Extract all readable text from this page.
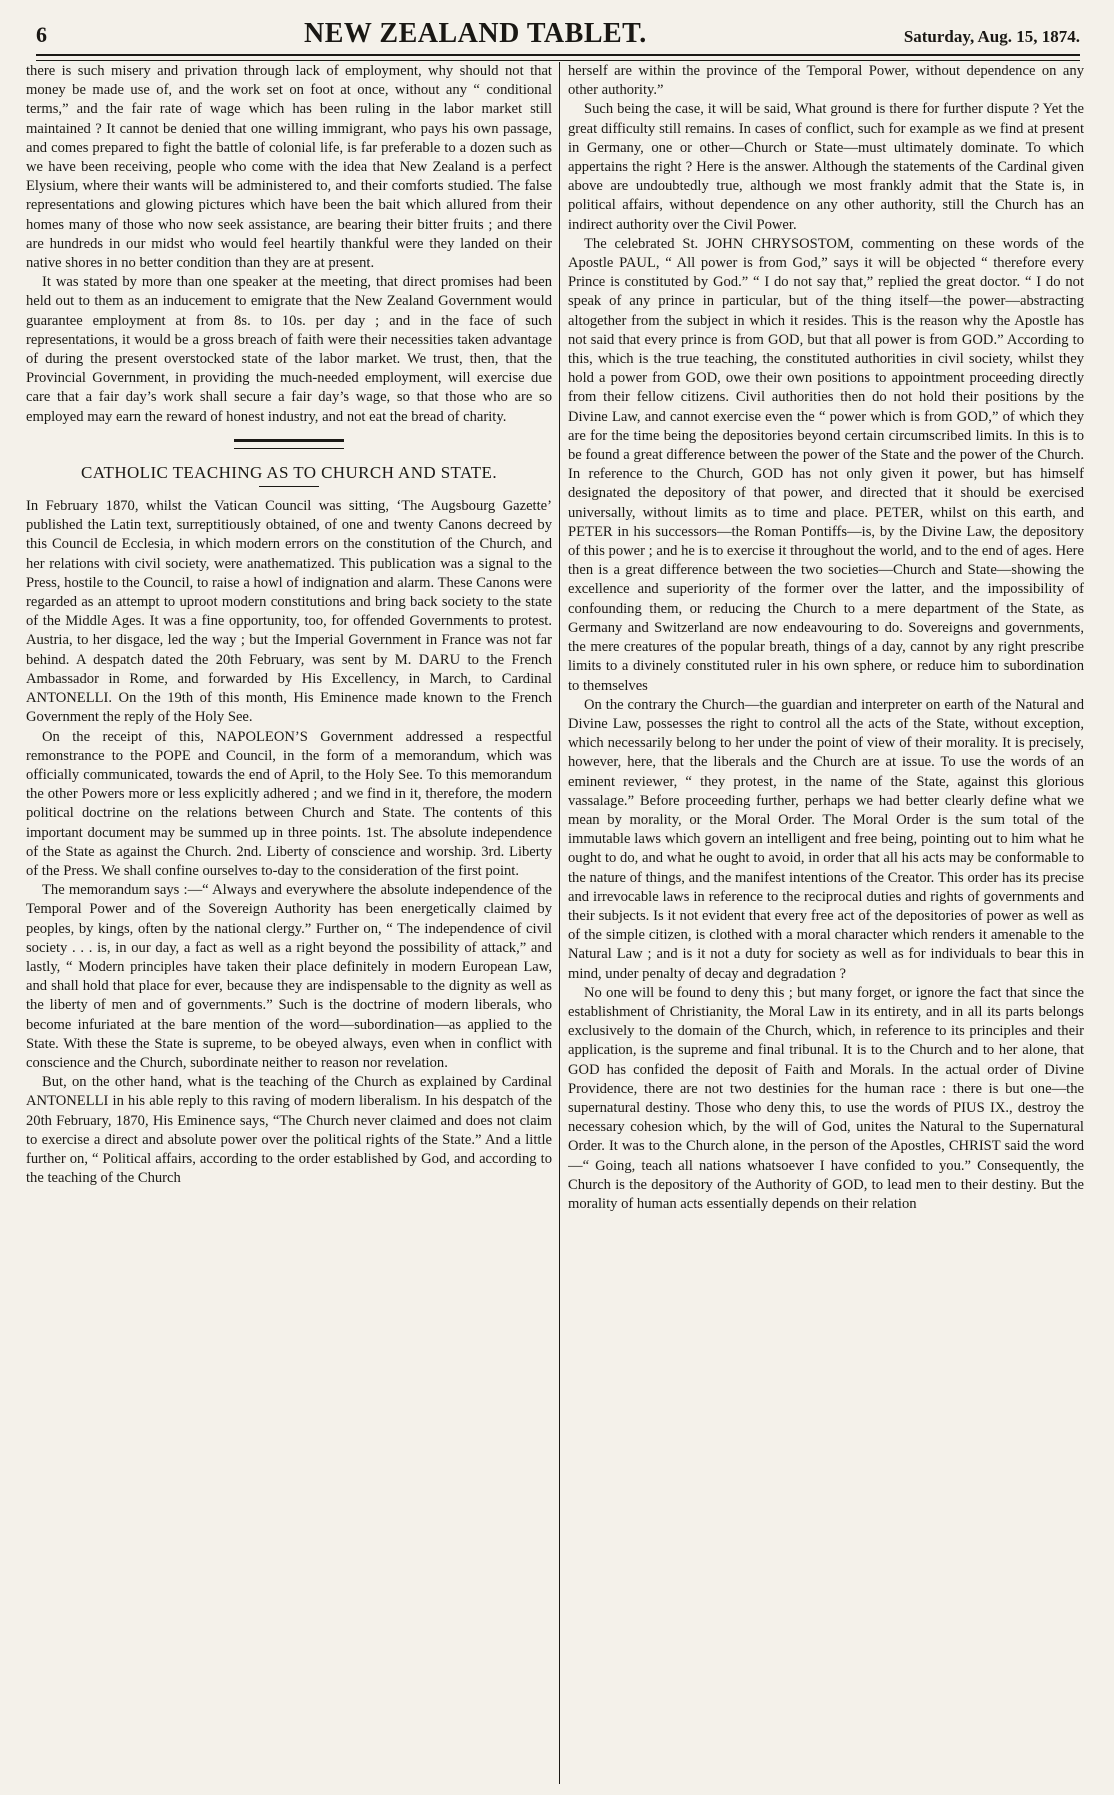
6	NEW ZEALAND TABLET.	Saturday, Aug. 15, 1874.

there is such misery and privation through lack of employment, why should not that money be made use of, and the work set on foot at once, without any “ conditional terms,” and the fair rate of wage which has been ruling in the labor market still maintained ? It cannot be denied that one willing immigrant, who pays his own passage, and comes prepared to fight the battle of colonial life, is far preferable to a dozen such as we have been receiving, people who come with the idea that New Zealand is a perfect Elysium, where their wants will be administered to, and their comforts studied. The false representations and glowing pictures which have been the bait which allured from their homes many of those who now seek assistance, are bearing their bitter fruits ; and there are hundreds in our midst who would feel heartily thankful were they landed on their native shores in no better condition than they are at present.

It was stated by more than one speaker at the meeting, that direct promises had been held out to them as an inducement to emigrate that the New Zealand Government would guarantee employment at from 8s. to 10s. per day ; and in the face of such representations, it would be a gross breach of faith were their necessities taken advantage of during the present overstocked state of the labor market. We trust, then, that the Provincial Government, in providing the much-needed employment, will exercise due care that a fair day’s work shall secure a fair day’s wage, so that those who are so employed may earn the reward of honest industry, and not eat the bread of charity.

CATHOLIC TEACHING AS TO CHURCH AND STATE.

In February 1870, whilst the Vatican Council was sitting, ‘The Augsbourg Gazette’ published the Latin text, surreptitiously obtained, of one and twenty Canons decreed by this Council de Ecclesia, in which modern errors on the constitution of the Church, and her relations with civil society, were anathematized. This publication was a signal to the Press, hostile to the Council, to raise a howl of indignation and alarm. These Canons were regarded as an attempt to uproot modern constitutions and bring back society to the state of the Middle Ages. It was a fine opportunity, too, for offended Governments to protest. Austria, to her disgace, led the way ; but the Imperial Government in France was not far behind. A despatch dated the 20th February, was sent by M. DARU to the French Ambassador in Rome, and forwarded by His Excellency, in March, to Cardinal ANTONELLI. On the 19th of this month, His Eminence made known to the French Government the reply of the Holy See.

On the receipt of this, NAPOLEON’S Government addressed a respectful remonstrance to the POPE and Council, in the form of a memorandum, which was officially communicated, towards the end of April, to the Holy See. To this memorandum the other Powers more or less explicitly adhered ; and we find in it, therefore, the modern political doctrine on the relations between Church and State. The contents of this important document may be summed up in three points. 1st. The absolute independence of the State as against the Church. 2nd. Liberty of conscience and worship. 3rd. Liberty of the Press. We shall confine ourselves to-day to the consideration of the first point.

The memorandum says :—“ Always and everywhere the absolute independence of the Temporal Power and of the Sovereign Authority has been energetically claimed by peoples, by kings, often by the national clergy.” Further on, “ The independence of civil society . . . is, in our day, a fact as well as a right beyond the possibility of attack,” and lastly, “ Modern principles have taken their place definitely in modern European Law, and shall hold that place for ever, because they are indispensable to the dignity as well as the liberty of men and of governments.” Such is the doctrine of modern liberals, who become infuriated at the bare mention of the word—subordination—as applied to the State. With these the State is supreme, to be obeyed always, even when in conflict with conscience and the Church, subordinate neither to reason nor revelation.

But, on the other hand, what is the teaching of the Church as explained by Cardinal ANTONELLI in his able reply to this raving of modern liberalism. In his despatch of the 20th February, 1870, His Eminence says, “The Church never claimed and does not claim to exercise a direct and absolute power over the political rights of the State.” And a little further on, “ Political affairs, according to the order established by God, and according to the teaching of the Church

herself are within the province of the Temporal Power, without dependence on any other authority.”

Such being the case, it will be said, What ground is there for further dispute ? Yet the great difficulty still remains. In cases of conflict, such for example as we find at present in Germany, one or other—Church or State—must ultimately dominate. To which appertains the right ? Here is the answer. Although the statements of the Cardinal given above are undoubtedly true, although we most frankly admit that the State is, in political affairs, without dependence on any other authority, still the Church has an indirect authority over the Civil Power.

The celebrated St. JOHN CHRYSOSTOM, commenting on these words of the Apostle PAUL, “ All power is from God,” says it will be objected “ therefore every Prince is constituted by God.” “ I do not say that,” replied the great doctor. “ I do not speak of any prince in particular, but of the thing itself—the power—abstracting altogether from the subject in which it resides. This is the reason why the Apostle has not said that every prince is from GOD, but that all power is from GOD.” According to this, which is the true teaching, the constituted authorities in civil society, whilst they hold a power from GOD, owe their own positions to appointment proceeding directly from their fellow citizens. Civil authorities then do not hold their positions by the Divine Law, and cannot exercise even the “ power which is from GOD,” of which they are for the time being the depositories beyond certain circumscribed limits. In this is to be found a great difference between the power of the State and the power of the Church. In reference to the Church, GOD has not only given it power, but has himself designated the depository of that power, and directed that it should be exercised universally, without limits as to time and place. PETER, whilst on this earth, and PETER in his successors—the Roman Pontiffs—is, by the Divine Law, the depository of this power ; and he is to exercise it throughout the world, and to the end of ages. Here then is a great difference between the two societies—Church and State—showing the excellence and superiority of the former over the latter, and the impossibility of confounding them, or reducing the Church to a mere department of the State, as Germany and Switzerland are now endeavouring to do. Sovereigns and governments, the mere creatures of the popular breath, things of a day, cannot by any right prescribe limits to a divinely constituted ruler in his own sphere, or reduce him to subordination to themselves

On the contrary the Church—the guardian and interpreter on earth of the Natural and Divine Law, possesses the right to control all the acts of the State, without exception, which necessarily belong to her under the point of view of their morality. It is precisely, however, here, that the liberals and the Church are at issue. To use the words of an eminent reviewer, “ they protest, in the name of the State, against this glorious vassalage.” Before proceeding further, perhaps we had better clearly define what we mean by morality, or the Moral Order. The Moral Order is the sum total of the immutable laws which govern an intelligent and free being, pointing out to him what he ought to do, and what he ought to avoid, in order that all his acts may be conformable to the nature of things, and the manifest intentions of the Creator. This order has its precise and irrevocable laws in reference to the reciprocal duties and rights of governments and their subjects. Is it not evident that every free act of the depositories of power as well as of the simple citizen, is clothed with a moral character which renders it amenable to the Natural Law ; and is it not a duty for society as well as for individuals to bear this in mind, under penalty of decay and degradation ?

No one will be found to deny this ; but many forget, or ignore the fact that since the establishment of Christianity, the Moral Law in its entirety, and in all its parts belongs exclusively to the domain of the Church, which, in reference to its principles and their application, is the supreme and final tribunal. It is to the Church and to her alone, that GOD has confided the deposit of Faith and Morals. In the actual order of Divine Providence, there are not two destinies for the human race : there is but one—the supernatural destiny. Those who deny this, to use the words of PIUS IX., destroy the necessary cohesion which, by the will of God, unites the Natural to the Supernatural Order. It was to the Church alone, in the person of the Apostles, CHRIST said the word—“ Going, teach all nations whatsoever I have confided to you.” Consequently, the Church is the depository of the Authority of GOD, to lead men to their destiny. But the morality of human acts essentially depends on their relation
